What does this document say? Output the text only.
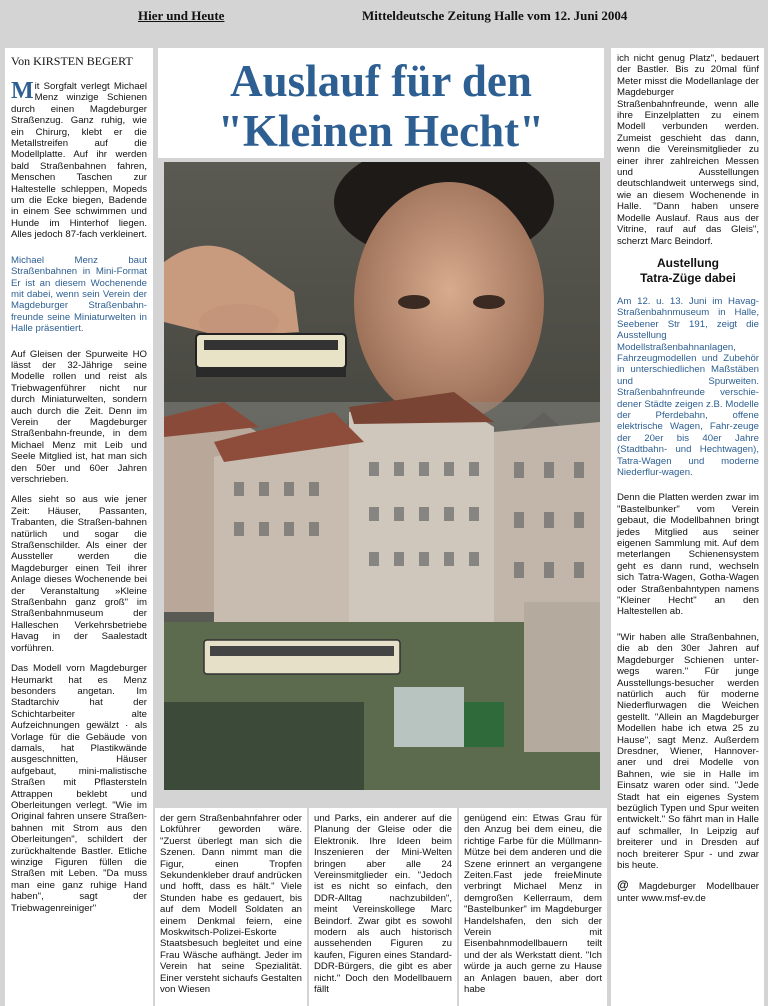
Hier und Heute	Mitteldeutsche Zeitung Halle vom 12. Juni 2004

Von KIRSTEN BEGERT

Mit Sorgfalt verlegt Michael Menz winzige Schienen durch einen Magdeburger Straßenzug. Ganz ruhig, wie ein Chirurg, klebt er die Metallstreifen auf die Modellplatte. Auf ihr werden bald Straßenbahnen fahren, Menschen Taschen zur Haltestelle schleppen, Mopeds um die Ecke biegen, Badende in einem See schwimmen und Hunde im Hinterhof liegen. Alles jedoch 87-fach verkleinert.

Michael Menz baut Straßenbahnen in Mini-Format Er ist an diesem Wochenende mit dabei, wenn sein Verein der Magdeburger Straßenbahn-freunde seine Miniaturwelten in Halle präsentiert.

Auf Gleisen der Spurweite HO lässt der 32-Jährige seine Modelle rollen und reist als Triebwagenführer nicht nur durch Miniaturwelten, sondern auch durch die Zeit. Denn im Verein der Magdeburger Straßenbahn-freunde, in dem Michael Menz mit Leib und Seele Mitglied ist, hat man sich den 50er und 60er Jahren verschrieben.

Alles sieht so aus wie jener Zeit: Häuser, Passanten, Trabanten, die Straßen-bahnen natürlich und sogar die Straßenschilder. Als einer der Aussteller werden die Magdeburger einen Teil ihrer Anlage dieses Wochenende bei der Veranstaltung »Kleine Straßenbahn ganz groß" im Straßenbahnmuseum der Halleschen Verkehrsbetriebe Havag in der Saalestadt vorführen.

Das Modell vorn Magdeburger Heumarkt hat es Menz besonders angetan. Im Stadtarchiv hat der Schichtarbeiter alte Aufzeichnungen gewälzt · als Vorlage für die Gebäude von damals, hat Plastikwände ausgeschnitten, Häuser aufgebaut, mini-malistische Straßen mit Pflastersteln Attrappen beklebt und Oberleitungen verlegt. "Wie im Original fahren unsere Straßen-bahnen mit Strom aus den Oberleitungen", schildert der zurückhaltende Bastler. Etliche winzige Figuren füllen die Straßen mit Leben. "Da muss man eine ganz ruhige Hand haben", sagt der Triebwagenreiniger"

Auslauf für den
"Kleinen Hecht"

der gern Straßenbahnfahrer oder Lokführer geworden wäre. "Zuerst überlegt man sich die Szenen. Dann nimmt man die Figur, einen Tropfen Sekundenkleber drauf andrücken und hofft, dass es hält." Viele Stunden habe es gedauert, bis auf dem Modell Soldaten an einem Denkmal feiern, eine Moskwitsch-Polizei-Eskorte Staatsbesuch begleitet und eine Frau Wäsche aufhängt. Jeder im Verein hat seine Spezialität. Einer versteht sichaufs Gestalten von Wiesen

und Parks, ein anderer auf die Planung der Gleise oder die Elektronik. Ihre Ideen beim Inszenieren der Mini-Welten bringen aber alle 24 Vereinsmitglieder ein. "Jedoch ist es nicht so einfach, den DDR-Alltag nachzubilden", meint Vereinskollege Marc Beindorf. Zwar gibt es sowohl modern als auch historisch aussehenden Figuren zu kaufen, Figuren eines Standard-DDR-Bürgers, die gibt es aber nicht." Doch den Modellbauern fällt

genügend ein: Etwas Grau für den Anzug bei dem eineu, die richtige Farbe für die Müllmann-Mütze bei dem anderen und die Szene erinnert an vergangene Zeiten.Fast jede freieMinute verbringt Michael Menz in demgroßen Kellerraum, dem "Bastelbunker" im Magdeburger Handelshafen, den sich der Verein mit Eisenbahnmodellbauern teilt und der als Werkstatt dient. "Ich würde ja auch gerne zu Hause an Anlagen bauen, aber dort habe

ich nicht genug Platz", bedauert der Bastler. Bis zu 20mal fünf Meter misst die Modellanlage der Magdeburger Straßenbahnfreunde, wenn alle ihre Einzelplatten zu einem Modell verbunden werden. Zumeist geschieht das dann, wenn die Vereinsmitglieder zu einer ihrer zahlreichen Messen und Ausstellungen deutschlandweit unterwegs sind, wie an diesem Wochenende in Halle. "Dann haben unsere Modelle Auslauf. Raus aus der Vitrine, rauf auf das Gleis", scherzt Marc Beindorf.

Austellung
Tatra-Züge dabei

Am 12. u. 13. Juni im Havag-Straßenbahnmuseum in Halle, Seebener Str 191, zeigt die Ausstellung Modellstraßenbahnanlagen, Fahrzeugmodellen und Zubehör in unterschiedlichen Maßstäben und Spurweiten. Straßenbahnfreunde verschie-dener Städte zeigen z.B. Modelle der Pferdebahn, offene elektrische Wagen, Fahr-zeuge der 20er bis 40er Jahre (Stadtbahn- und Hechtwagen), Tatra-Wagen und moderne Niederflur-wagen.

Denn die Platten werden zwar im "Bastelbunker" vom Verein gebaut, die Modellbahnen bringt jedes Mitglied aus seiner eigenen Sammlung mit. Auf dem meterlangen Schienensystem geht es dann rund, wechseln sich Tatra-Wagen, Gotha-Wagen oder Straßenbahntypen namens "Kleiner Hecht" an den Haltestellen ab.

"Wir haben alle Straßenbahnen, die ab den 30er Jahren auf Magdeburger Schienen unter-wegs waren." Für junge Ausstellungs-besucher werden natürlich auch für moderne Niederflurwagen die Weichen gestellt. "Allein an Magdeburger Modellen habe ich etwa 25 zu Hause", sagt Menz. Außerdem Dresdner, Wiener, Hannover-aner und drei Modelle von Bahnen, wie sie in Halle im Einsatz waren oder sind. "Jede Stadt hat ein eigenes System bezüglich Typen und Spur weiten entwickelt." So fährt man in Halle auf schmaller, In Leipzig auf breiterer und in Dresden auf noch breiterer Spur - und zwar bis heute.

@ Magdeburger Modellbauer unter www.msf-ev.de
